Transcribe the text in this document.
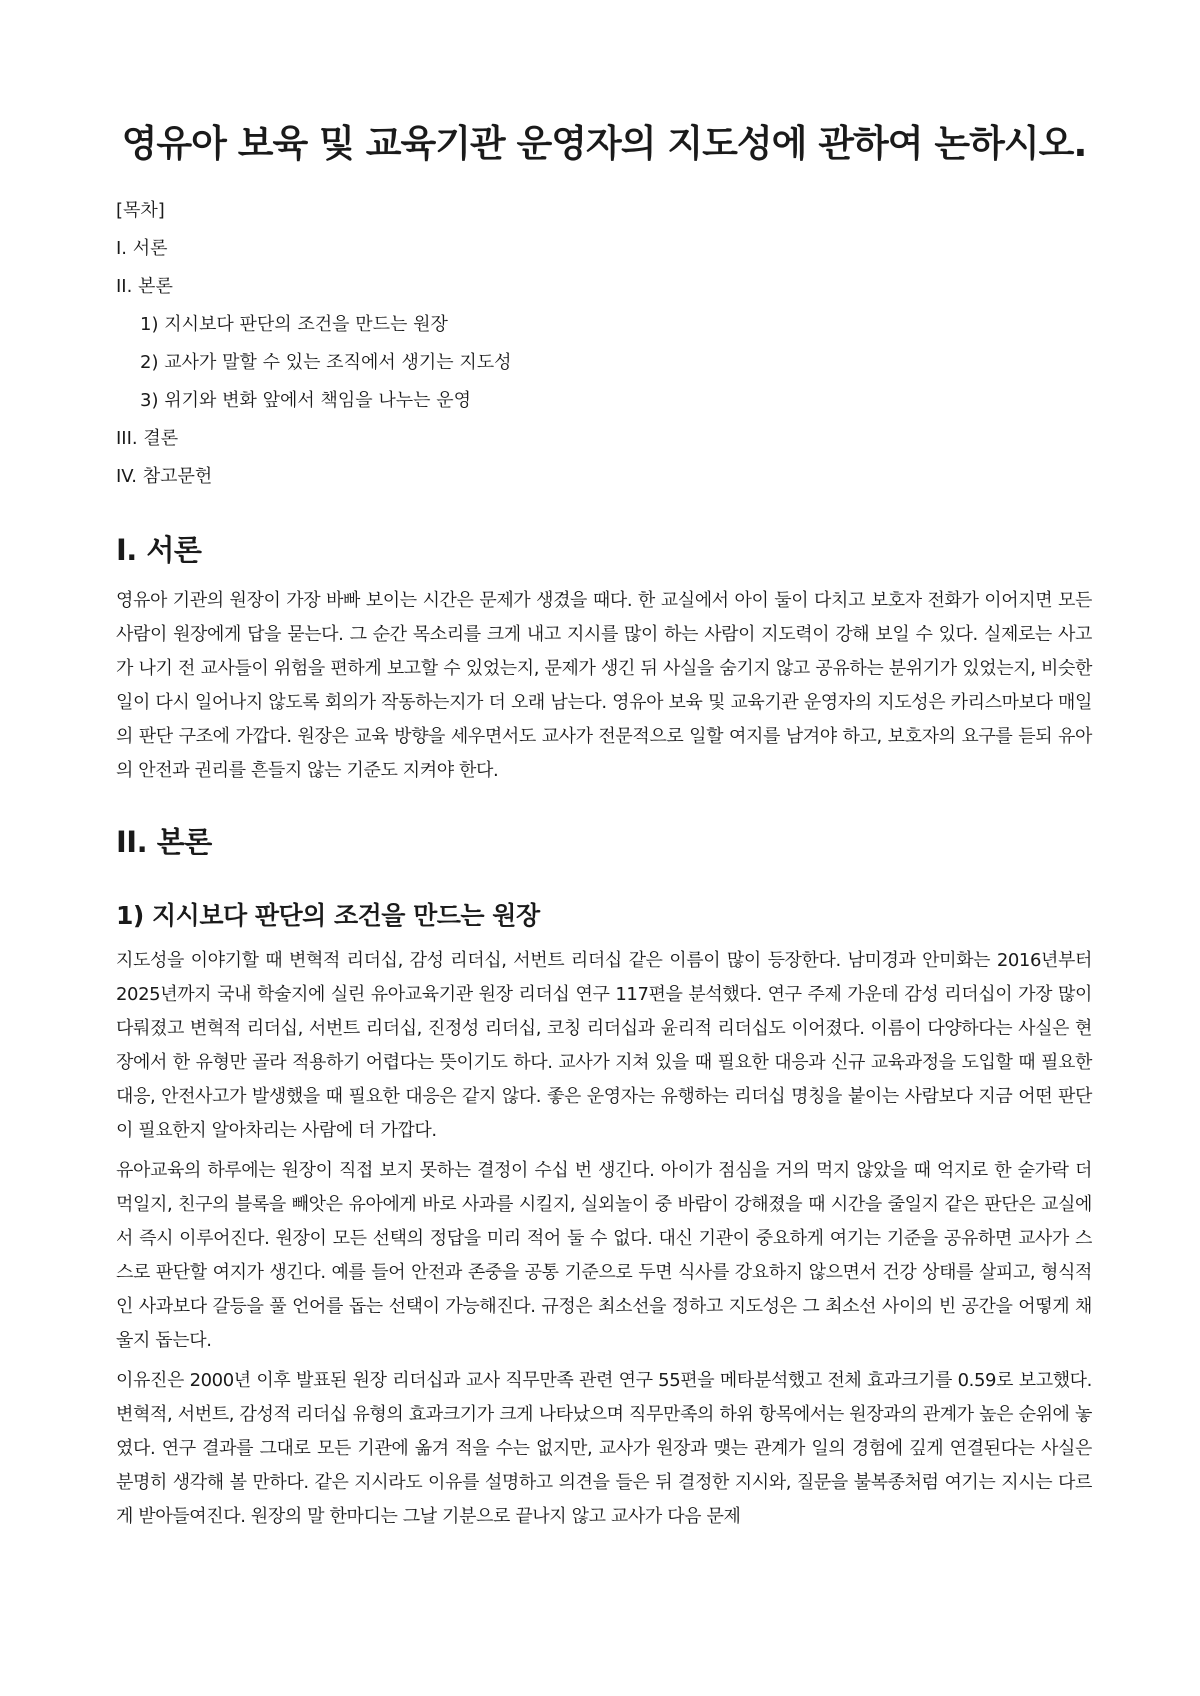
영유아 보육 및 교육기관 운영자의 지도성에 관하여 논하시오.

[목차]

I. 서론

II. 본론

1) 지시보다 판단의 조건을 만드는 원장

2) 교사가 말할 수 있는 조직에서 생기는 지도성

3) 위기와 변화 앞에서 책임을 나누는 운영

III. 결론

IV. 참고문헌

I. 서론

영유아 기관의 원장이 가장 바빠 보이는 시간은 문제가 생겼을 때다. 한 교실에서 아이 둘이 다치고 보호자 전화가 이어지면 모든 사람이 원장에게 답을 묻는다. 그 순간 목소리를 크게 내고 지시를 많이 하는 사람이 지도력이 강해 보일 수 있다. 실제로는 사고가 나기 전 교사들이 위험을 편하게 보고할 수 있었는지, 문제가 생긴 뒤 사실을 숨기지 않고 공유하는 분위기가 있었는지, 비슷한 일이 다시 일어나지 않도록 회의가 작동하는지가 더 오래 남는다. 영유아 보육 및 교육기관 운영자의 지도성은 카리스마보다 매일의 판단 구조에 가깝다. 원장은 교육 방향을 세우면서도 교사가 전문적으로 일할 여지를 남겨야 하고, 보호자의 요구를 듣되 유아의 안전과 권리를 흔들지 않는 기준도 지켜야 한다.

II. 본론
1) 지시보다 판단의 조건을 만드는 원장

지도성을 이야기할 때 변혁적 리더십, 감성 리더십, 서번트 리더십 같은 이름이 많이 등장한다. 남미경과 안미화는 2016년부터 2025년까지 국내 학술지에 실린 유아교육기관 원장 리더십 연구 117편을 분석했다. 연구 주제 가운데 감성 리더십이 가장 많이 다뤄졌고 변혁적 리더십, 서번트 리더십, 진정성 리더십, 코칭 리더십과 윤리적 리더십도 이어졌다. 이름이 다양하다는 사실은 현장에서 한 유형만 골라 적용하기 어렵다는 뜻이기도 하다. 교사가 지쳐 있을 때 필요한 대응과 신규 교육과정을 도입할 때 필요한 대응, 안전사고가 발생했을 때 필요한 대응은 같지 않다. 좋은 운영자는 유행하는 리더십 명칭을 붙이는 사람보다 지금 어떤 판단이 필요한지 알아차리는 사람에 더 가깝다.

유아교육의 하루에는 원장이 직접 보지 못하는 결정이 수십 번 생긴다. 아이가 점심을 거의 먹지 않았을 때 억지로 한 숟가락 더 먹일지, 친구의 블록을 빼앗은 유아에게 바로 사과를 시킬지, 실외놀이 중 바람이 강해졌을 때 시간을 줄일지 같은 판단은 교실에서 즉시 이루어진다. 원장이 모든 선택의 정답을 미리 적어 둘 수 없다. 대신 기관이 중요하게 여기는 기준을 공유하면 교사가 스스로 판단할 여지가 생긴다. 예를 들어 안전과 존중을 공통 기준으로 두면 식사를 강요하지 않으면서 건강 상태를 살피고, 형식적인 사과보다 갈등을 풀 언어를 돕는 선택이 가능해진다. 규정은 최소선을 정하고 지도성은 그 최소선 사이의 빈 공간을 어떻게 채울지 돕는다.

이유진은 2000년 이후 발표된 원장 리더십과 교사 직무만족 관련 연구 55편을 메타분석했고 전체 효과크기를 0.59로 보고했다. 변혁적, 서번트, 감성적 리더십 유형의 효과크기가 크게 나타났으며 직무만족의 하위 항목에서는 원장과의 관계가 높은 순위에 놓였다. 연구 결과를 그대로 모든 기관에 옮겨 적을 수는 없지만, 교사가 원장과 맺는 관계가 일의 경험에 깊게 연결된다는 사실은 분명히 생각해 볼 만하다. 같은 지시라도 이유를 설명하고 의견을 들은 뒤 결정한 지시와, 질문을 불복종처럼 여기는 지시는 다르게 받아들여진다. 원장의 말 한마디는 그날 기분으로 끝나지 않고 교사가 다음 문제
